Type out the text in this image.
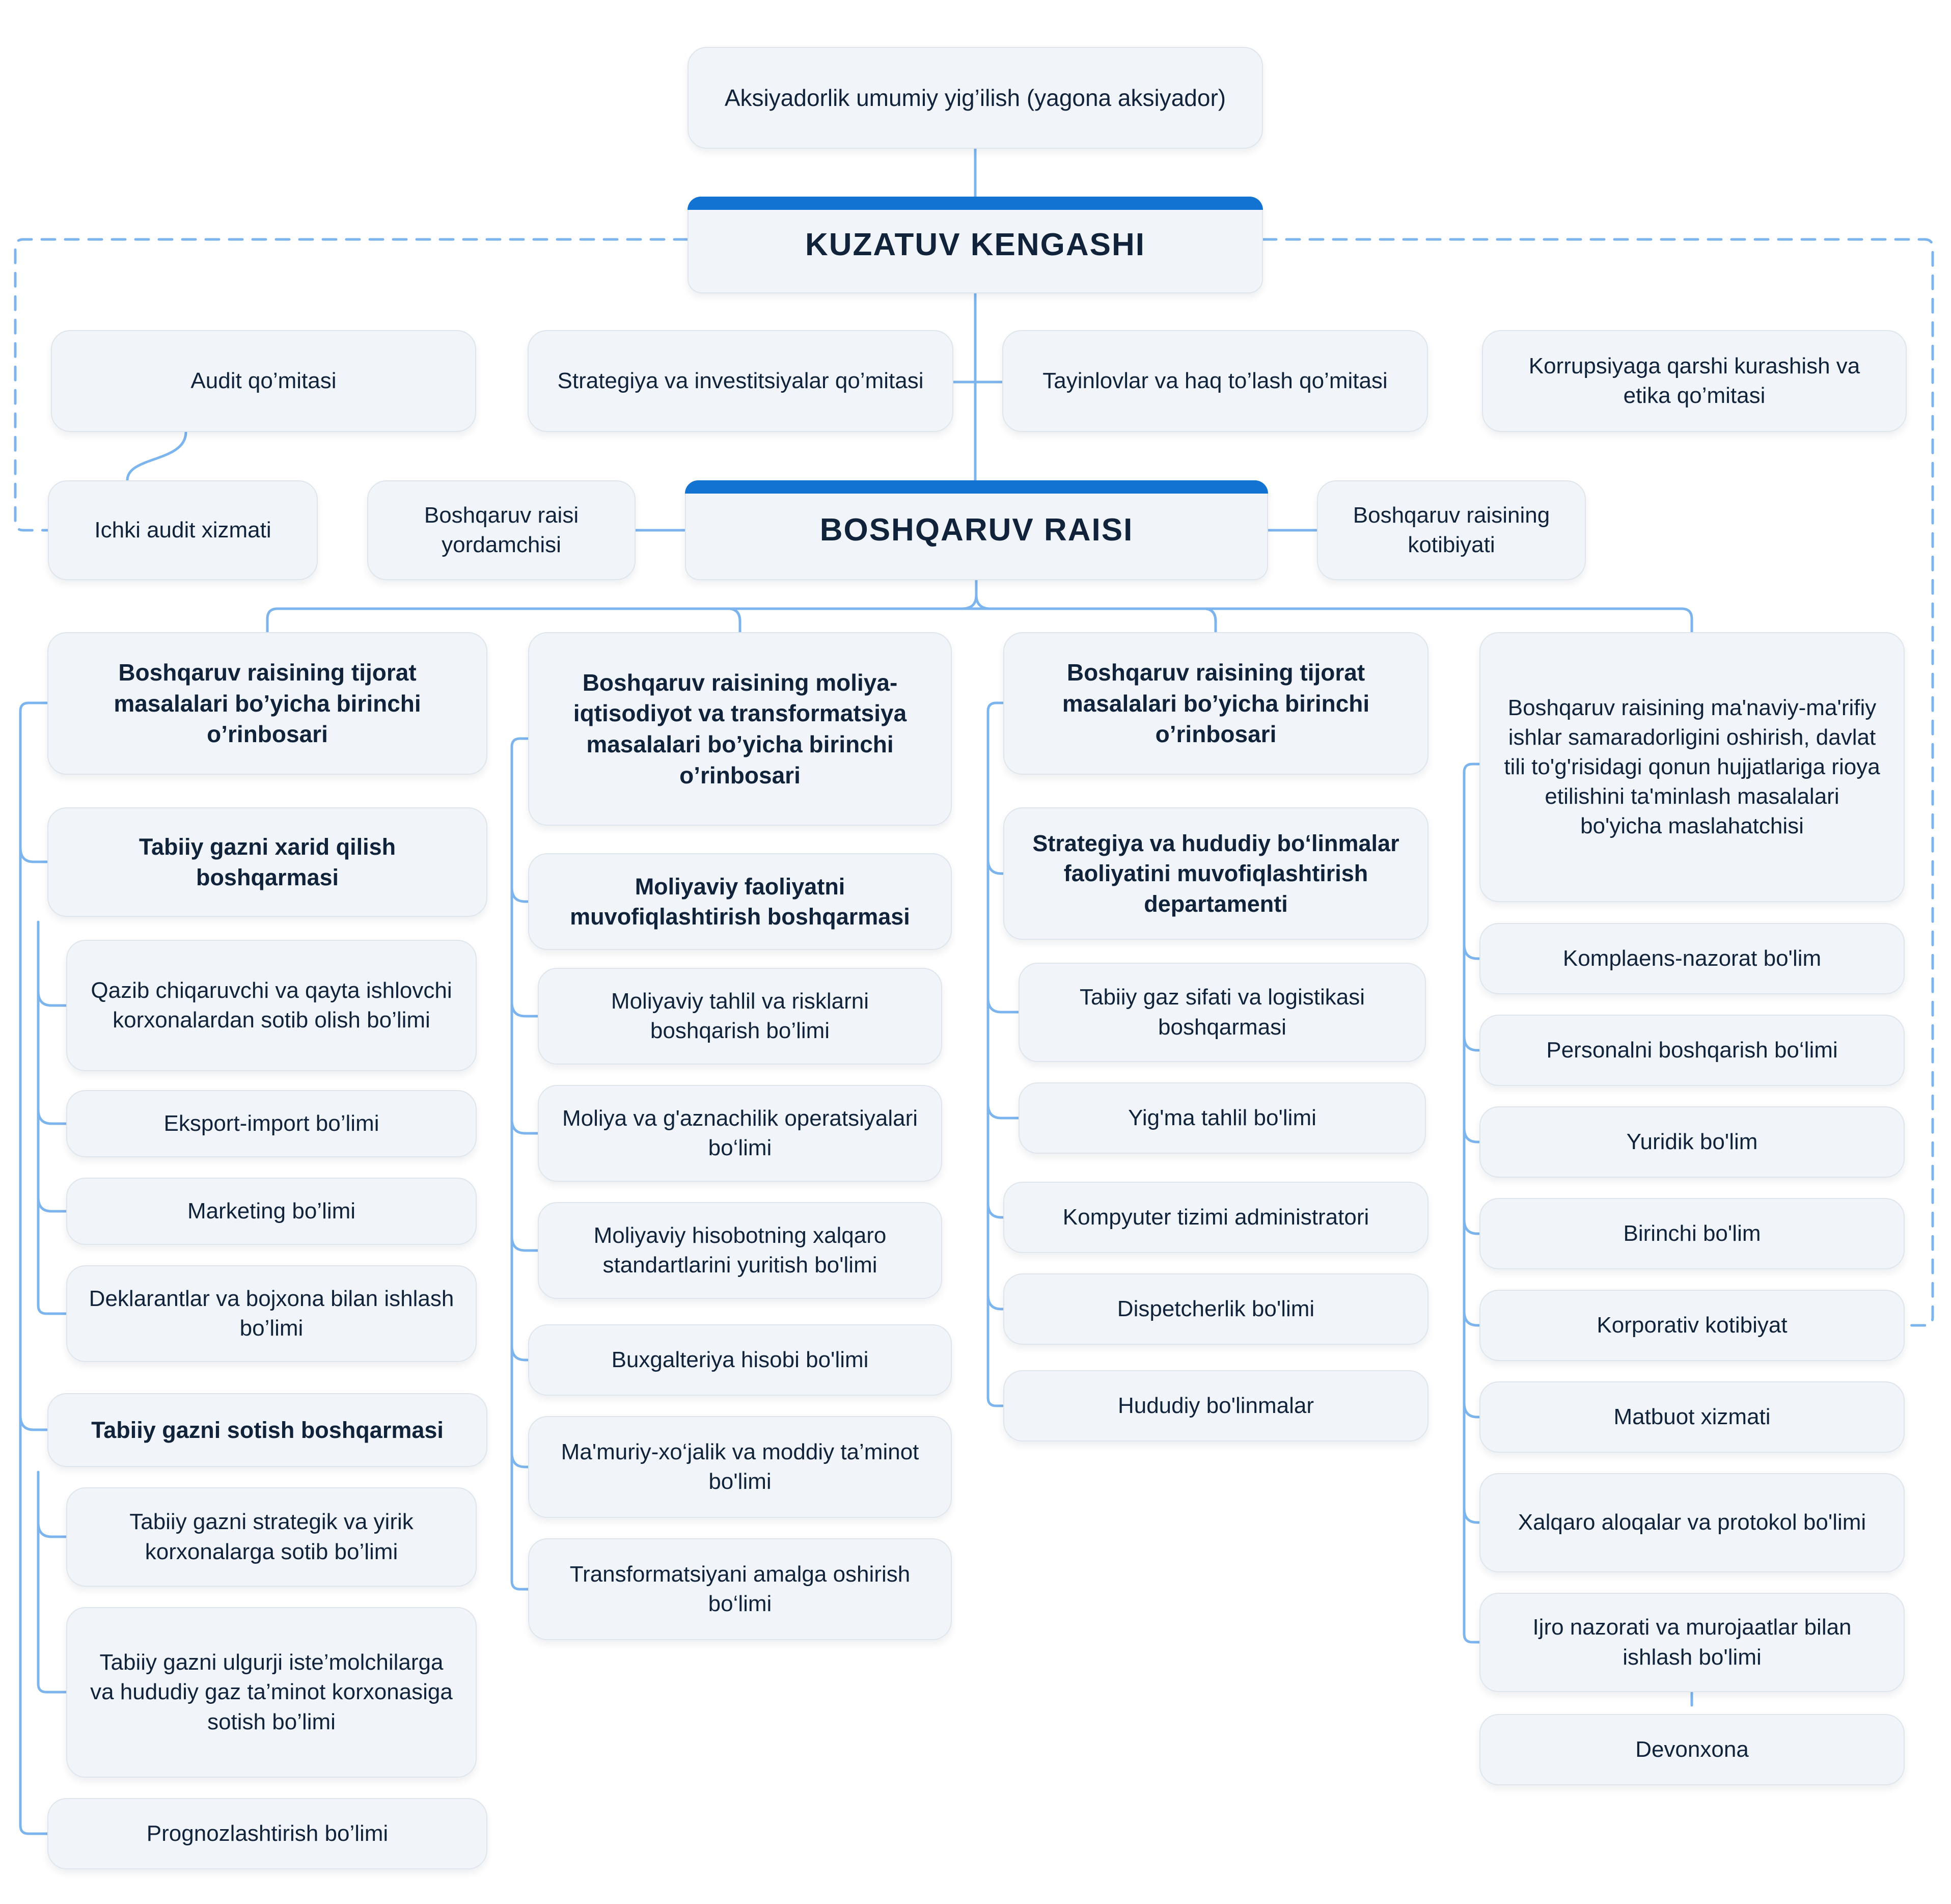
Aksiyadorlik umumiy yig’ilish (yagona aksiyador)
KUZATUV KENGASHI
Audit qo’mitasi	Strategiya va investitsiyalar qo’mitasi	Tayinlovlar va haq to’lash qo’mitasi
Korrupsiyaga qarshi kurashish va etika qo’mitasi
Ichki audit xizmati
Boshqaruv raisi yordamchisi	BOSHQARUV RAISI	Boshqaruv raisining kotibiyati
Boshqaruv raisining tijorat masalalari bo’yicha birinchi o’rinbosari
Tabiiy gazni xarid qilish boshqarmasi
Qazib chiqaruvchi va qayta ishlovchi korxonalardan sotib olish bo’limi
Eksport-import bo’limi
Marketing bo’limi
Deklarantlar va bojxona bilan ishlash bo’limi
Tabiiy gazni sotish boshqarmasi
Tabiiy gazni strategik va yirik korxonalarga sotib bo’limi
Tabiiy gazni ulgurji iste’molchilarga va hududiy gaz ta’minot korxonasiga sotish bo’limi
Prognozlashtirish bo’limi
Boshqaruv raisining moliya-iqtisodiyot va transformatsiya masalalari bo’yicha birinchi o’rinbosari
Moliyaviy faoliyatni muvofiqlashtirish boshqarmasi
Moliyaviy tahlil va risklarni boshqarish bo’limi
Moliya va g'aznachilik operatsiyalari bo‘limi
Moliyaviy hisobotning xalqaro standartlarini yuritish bo'limi
Buxgalteriya hisobi bo'limi
Ma'muriy-xo‘jalik va moddiy ta’minot bo'limi
Transformatsiyani amalga oshirish bo‘limi
Boshqaruv raisining tijorat masalalari bo’yicha birinchi o’rinbosari
Strategiya va hududiy bo‘linmalar faoliyatini muvofiqlashtirish departamenti
Tabiiy gaz sifati va logistikasi boshqarmasi
Yig'ma tahlil bo'limi
Kompyuter tizimi administratori
Dispetcherlik bo'limi
Hududiy bo'linmalar
Boshqaruv raisining ma'naviy-ma'rifiy ishlar samaradorligini oshirish, davlat tili to'g'risidagi qonun hujjatlariga rioya etilishini ta'minlash masalalari bo'yicha maslahatchisi
Komplaens-nazorat bo'lim
Personalni boshqarish bo‘limi
Yuridik bo'lim
Birinchi bo'lim
Korporativ kotibiyat
Matbuot xizmati
Xalqaro aloqalar va protokol bo'limi
Ijro nazorati va murojaatlar bilan ishlash bo'limi
Devonxona
